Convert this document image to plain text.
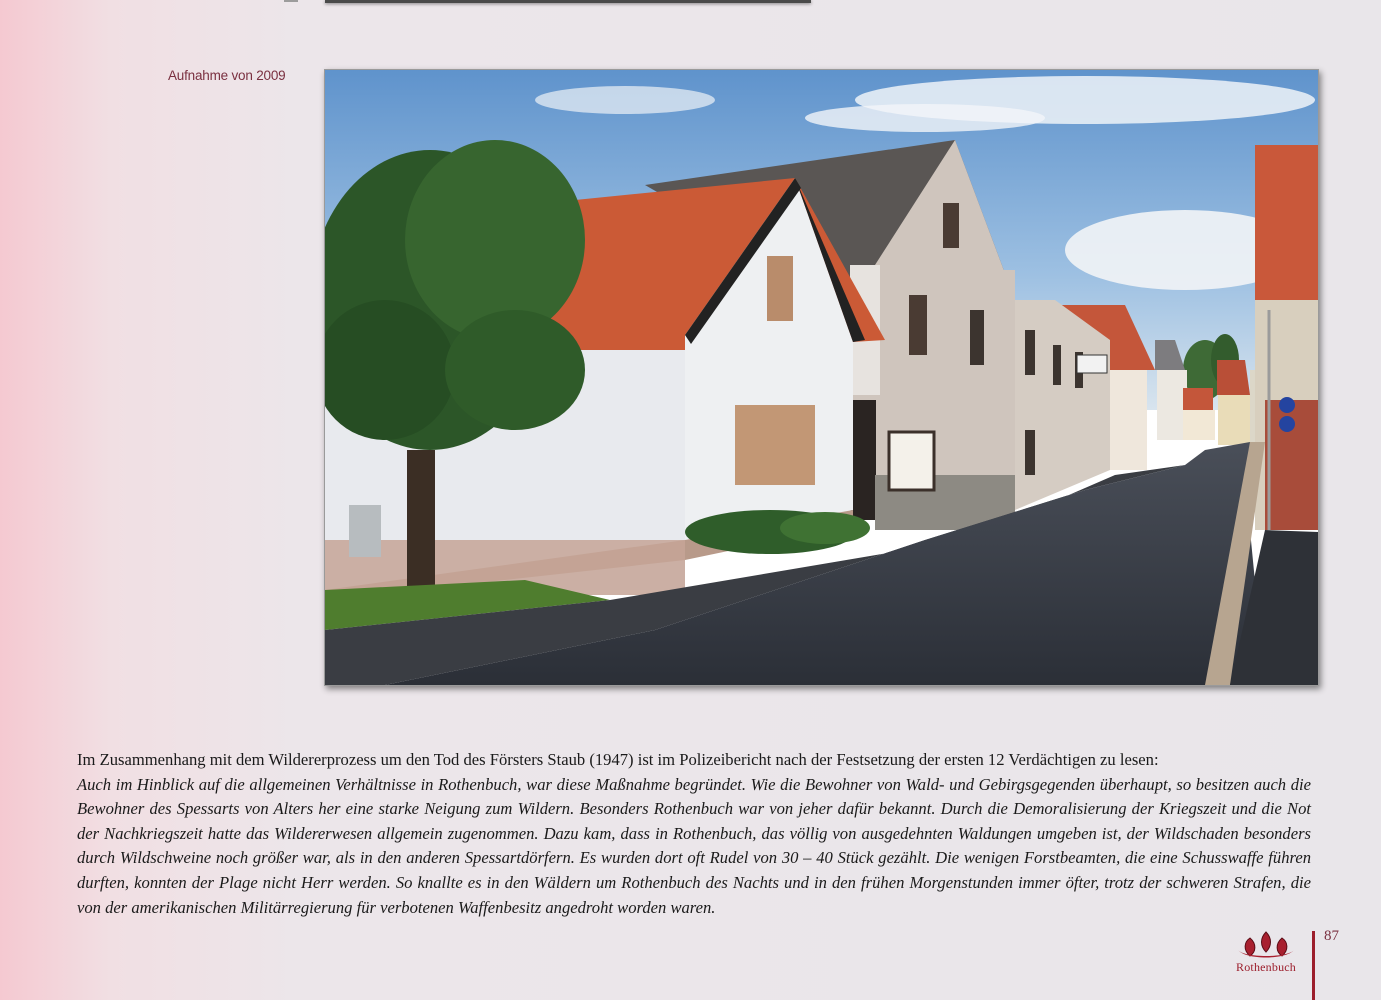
Aufnahme von 2009
Im Zusammenhang mit dem Wildererprozess um den Tod des Försters Staub (1947) ist im Polizeibericht nach der Festsetzung der ersten 12 Verdächtigen zu lesen:
Auch im Hinblick auf die allgemeinen Verhältnisse in Rothenbuch, war diese Maßnahme begründet. Wie die Bewohner von Wald- und Gebirgsgegenden überhaupt, so besitzen auch die Bewohner des Spessarts von Alters her eine starke Neigung zum Wildern. Besonders Rothenbuch war von jeher dafür bekannt. Durch die Demoralisierung der Kriegszeit und die Not der Nachkriegszeit hatte das Wildererwesen allgemein zugenommen. Dazu kam, dass in Rothenbuch, das völlig von ausgedehnten Waldungen umgeben ist, der Wildschaden besonders durch Wildschweine noch größer war, als in den anderen Spessartdörfern. Es wurden dort oft Rudel von 30 – 40 Stück gezählt. Die wenigen Forstbeamten, die eine Schusswaffe führen durften, konnten der Plage nicht Herr werden. So knallte es in den Wäldern um Rothenbuch des Nachts und in den frühen Morgenstunden immer öfter, trotz der schweren Strafen, die von der amerikanischen Militärregierung für verbotenen Waffenbesitz angedroht worden waren.
Rothenbuch
87
